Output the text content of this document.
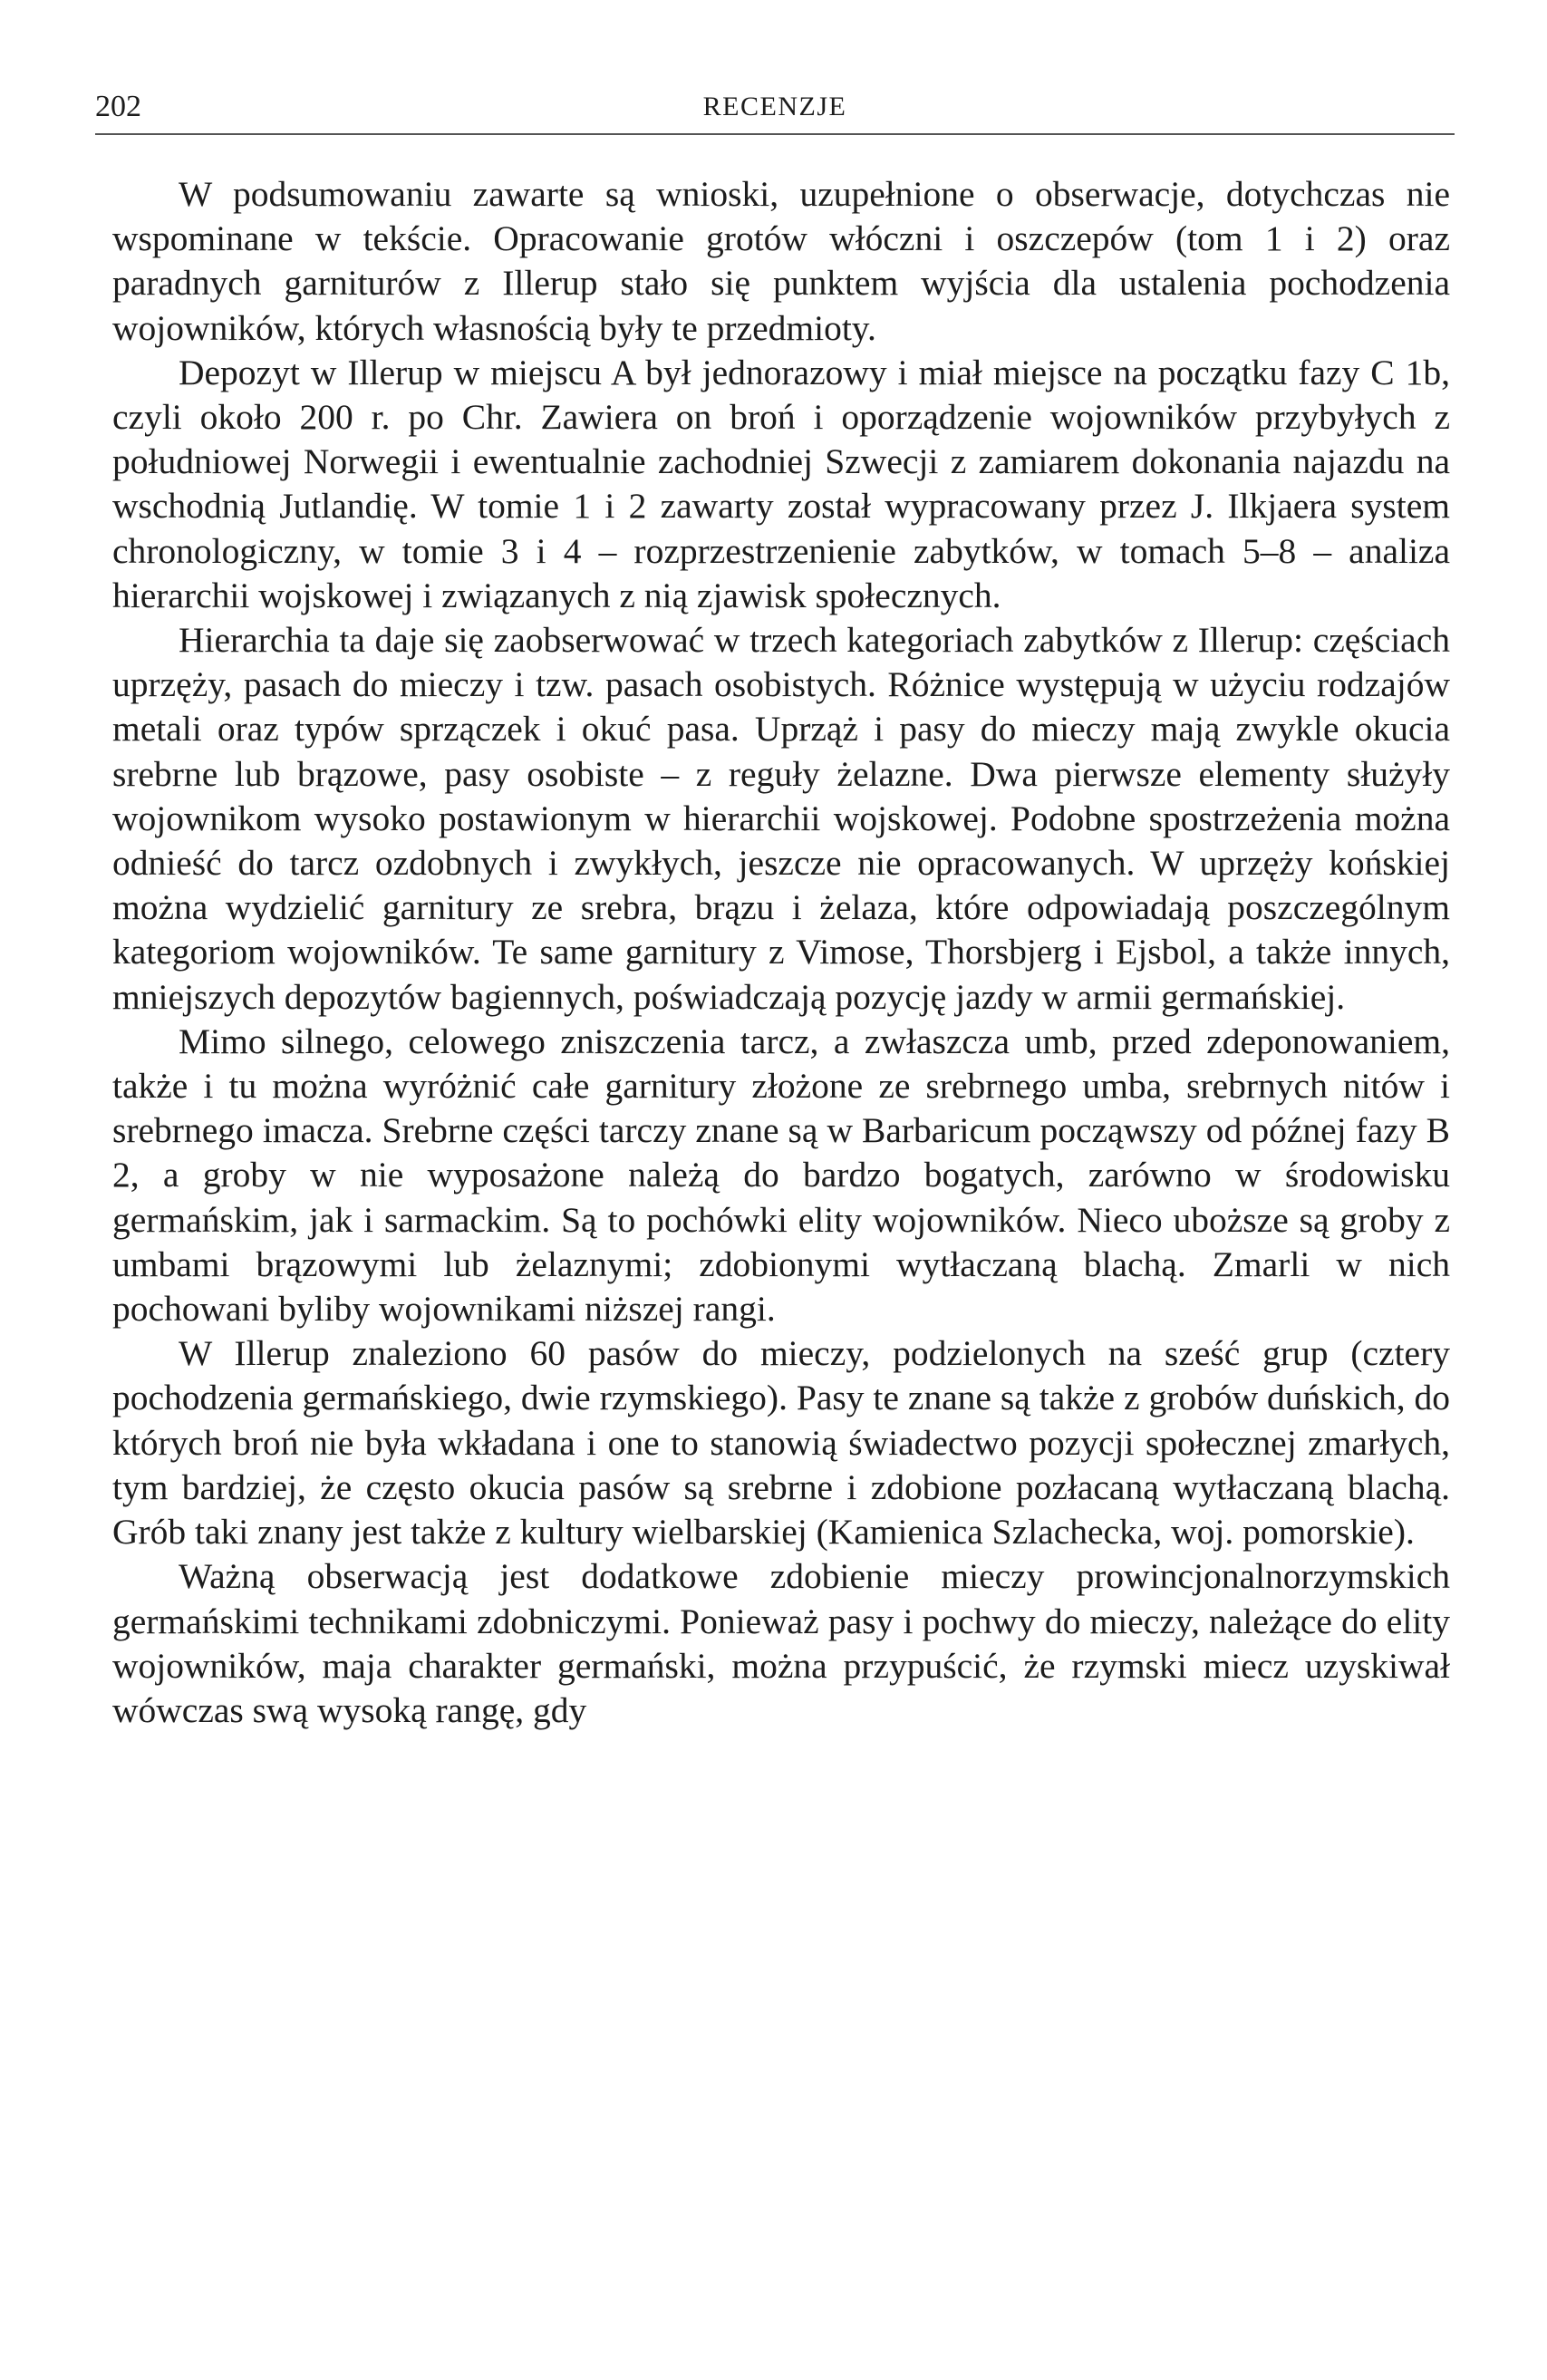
202	RECENZJE

W podsumowaniu zawarte są wnioski, uzupełnione o obserwacje, dotychczas nie wspominane w tekście. Opracowanie grotów włóczni i oszczepów (tom 1 i 2) oraz paradnych garniturów z Illerup stało się punktem wyjścia dla ustalenia pochodzenia wojowników, których własnością były te przedmioty.

Depozyt w Illerup w miejscu A był jednorazowy i miał miejsce na początku fazy C 1b, czyli około 200 r. po Chr. Zawiera on broń i oporządzenie wojowników przybyłych z południowej Norwegii i ewentualnie zachodniej Szwecji z zamiarem dokonania najazdu na wschodnią Jutlandię. W tomie 1 i 2 zawarty został wypracowany przez J. Ilkjaera system chronologiczny, w tomie 3 i 4 – rozprzestrzenienie zabytków, w tomach 5–8 – analiza hierarchii wojskowej i związanych z nią zjawisk społecznych.

Hierarchia ta daje się zaobserwować w trzech kategoriach zabytków z Illerup: częściach uprzęży, pasach do mieczy i tzw. pasach osobistych. Różnice występują w użyciu rodzajów metali oraz typów sprzączek i okuć pasa. Uprząż i pasy do mieczy mają zwykle okucia srebrne lub brązowe, pasy osobiste – z reguły żelazne. Dwa pierwsze elementy służyły wojownikom wysoko postawionym w hierarchii wojskowej. Podobne spostrzeżenia można odnieść do tarcz ozdobnych i zwykłych, jeszcze nie opracowanych. W uprzęży końskiej można wydzielić garnitury ze srebra, brązu i żelaza, które odpowiadają poszczególnym kategoriom wojowników. Te same garnitury z Vimose, Thorsbjerg i Ejsbol, a także innych, mniejszych depozytów bagiennych, poświadczają pozycję jazdy w armii germańskiej.

Mimo silnego, celowego zniszczenia tarcz, a zwłaszcza umb, przed zdeponowaniem, także i tu można wyróżnić całe garnitury złożone ze srebrnego umba, srebrnych nitów i srebrnego imacza. Srebrne części tarczy znane są w Barbaricum począwszy od późnej fazy B 2, a groby w nie wyposażone należą do bardzo bogatych, zarówno w środowisku germańskim, jak i sarmackim. Są to pochówki elity wojowników. Nieco uboższe są groby z umbami brązowymi lub żelaznymi; zdobionymi wytłaczaną blachą. Zmarli w nich pochowani byliby wojownikami niższej rangi.

W Illerup znaleziono 60 pasów do mieczy, podzielonych na sześć grup (cztery pochodzenia germańskiego, dwie rzymskiego). Pasy te znane są także z grobów duńskich, do których broń nie była wkładana i one to stanowią świadectwo pozycji społecznej zmarłych, tym bardziej, że często okucia pasów są srebrne i zdobione pozłacaną wytłaczaną blachą. Grób taki znany jest także z kultury wielbarskiej (Kamienica Szlachecka, woj. pomorskie).

Ważną obserwacją jest dodatkowe zdobienie mieczy prowincjonalnorzymskich germańskimi technikami zdobniczymi. Ponieważ pasy i pochwy do mieczy, należące do elity wojowników, maja charakter germański, można przypuścić, że rzymski miecz uzyskiwał wówczas swą wysoką rangę, gdy
